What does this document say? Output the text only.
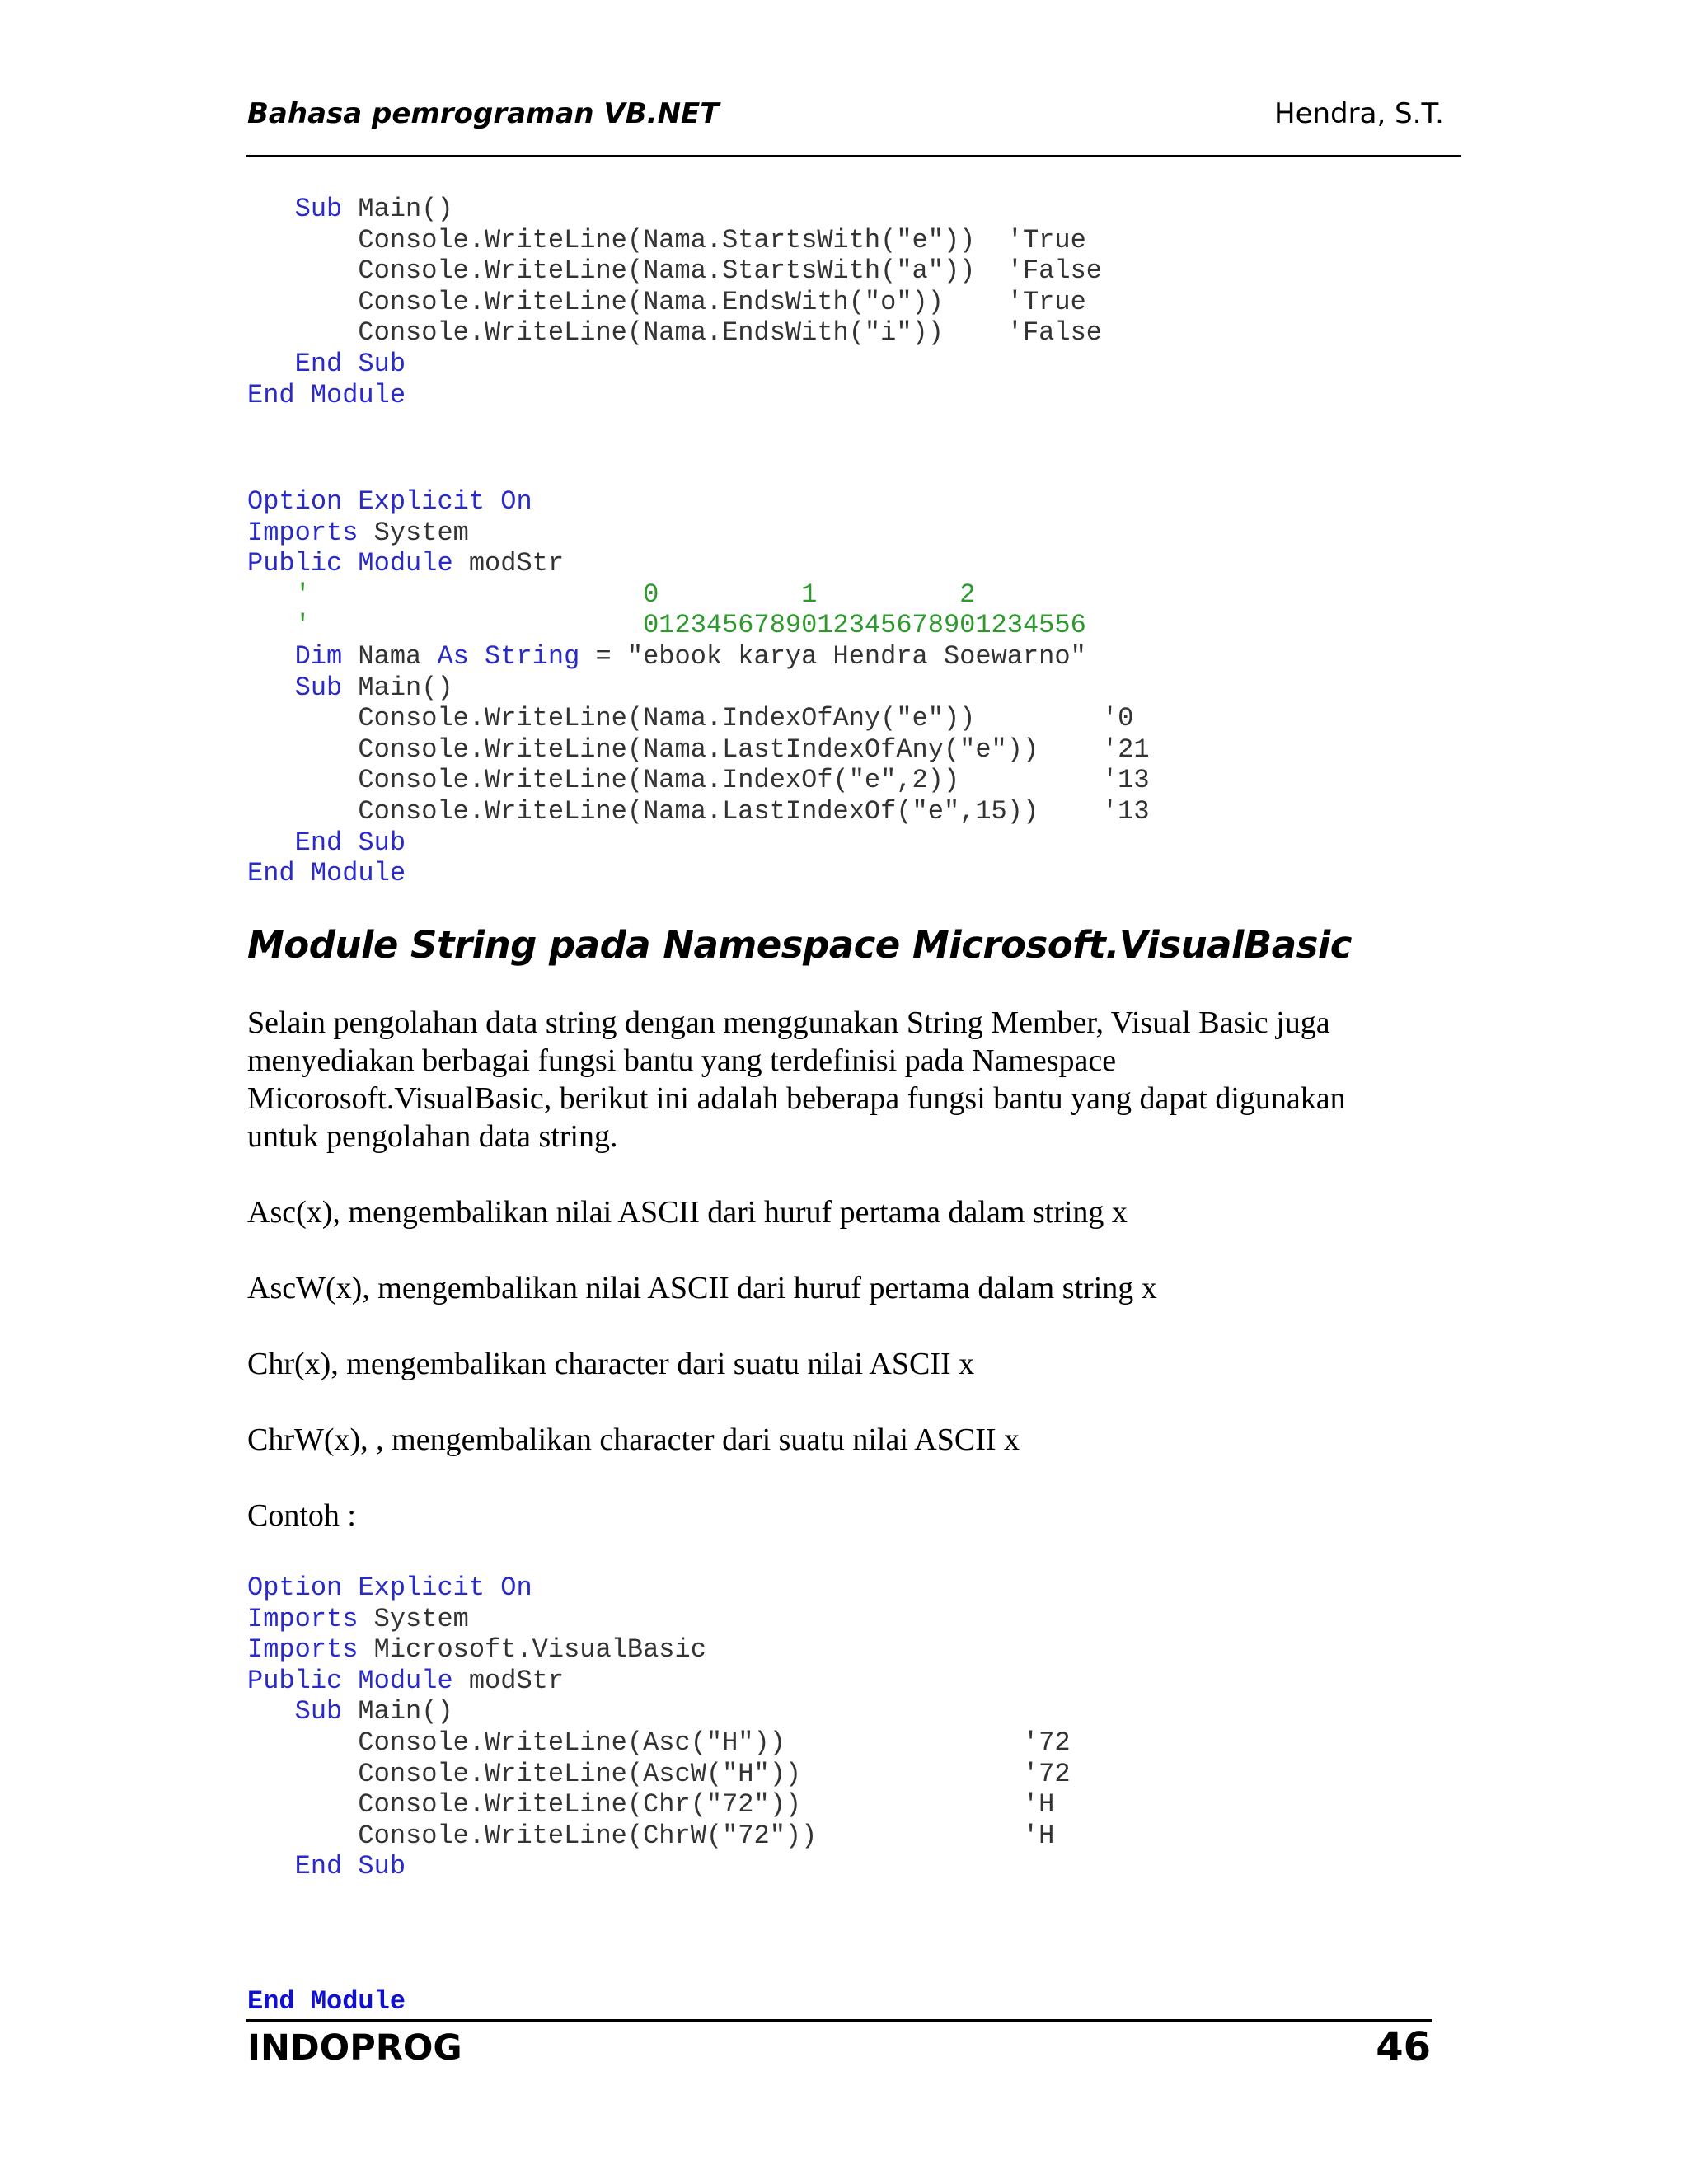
Bahasa pemrograman VB.NET	Hendra, S.T.
Sub Main()
Console.WriteLine(Nama.StartsWith("e"))  'True
Console.WriteLine(Nama.StartsWith("a"))  'False
Console.WriteLine(Nama.EndsWith("o"))    'True
Console.WriteLine(Nama.EndsWith("i"))    'False
End Sub
End Module
Option Explicit On
Imports System
Public Module modStr
'                     0         1         2
'                     0123456789012345678901234556
Dim Nama As String = "ebook karya Hendra Soewarno"
Sub Main()
Console.WriteLine(Nama.IndexOfAny("e"))        '0
Console.WriteLine(Nama.LastIndexOfAny("e"))    '21
Console.WriteLine(Nama.IndexOf("e",2))         '13
Console.WriteLine(Nama.LastIndexOf("e",15))    '13
End Sub
End Module
Module String pada Namespace Microsoft.VisualBasic
Selain pengolahan data string dengan menggunakan String Member, Visual Basic juga
menyediakan berbagai fungsi bantu yang terdefinisi pada Namespace
Micorosoft.VisualBasic, berikut ini adalah beberapa fungsi bantu yang dapat digunakan
untuk pengolahan data string.
Asc(x), mengembalikan nilai ASCII dari huruf pertama dalam string x
AscW(x), mengembalikan nilai ASCII dari huruf pertama dalam string x
Chr(x), mengembalikan character dari suatu nilai ASCII x
ChrW(x), , mengembalikan character dari suatu nilai ASCII x
Contoh :
Option Explicit On
Imports System
Imports Microsoft.VisualBasic
Public Module modStr
Sub Main()
Console.WriteLine(Asc("H"))               '72
Console.WriteLine(AscW("H"))              '72
Console.WriteLine(Chr("72"))              'H
Console.WriteLine(ChrW("72"))             'H
End Sub

End Module

INDOPROG	46
